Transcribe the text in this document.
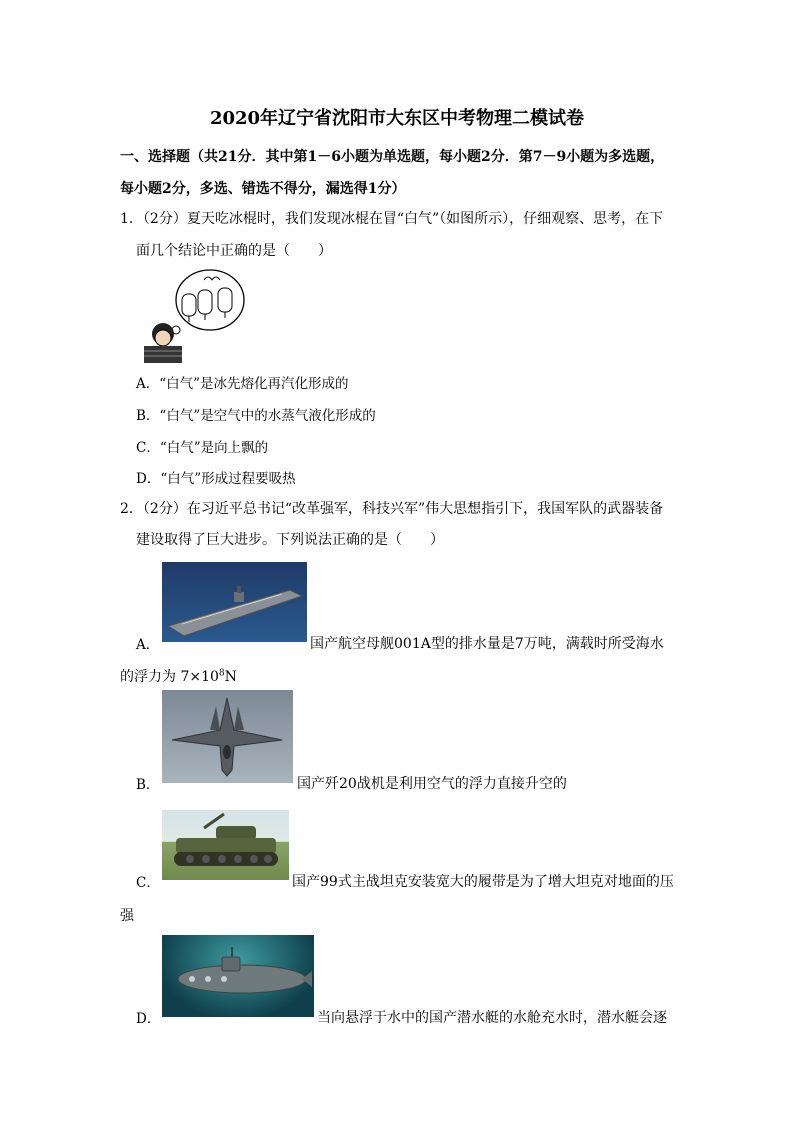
2020年辽宁省沈阳市大东区中考物理二模试卷
一、选择题（共21分．其中第1－6小题为单选题，每小题2分．第7－9小题为多选题，
每小题2分，多选、错选不得分，漏选得1分）
1．（2分）夏天吃冰棍时，我们发现冰棍在冒“白气”（如图所示），仔细观察、思考，在下
面几个结论中正确的是（　　）
A．“白气”是冰先熔化再汽化形成的
B．“白气”是空气中的水蒸气液化形成的
C．“白气”是向上飘的
D．“白气”形成过程要吸热
2．（2分）在习近平总书记“改革强军，科技兴军”伟大思想指引下，我国军队的武器装备
建设取得了巨大进步。下列说法正确的是（　　）
A．	国产航空母舰001A型的排水量是7万吨，满载时所受海水
的浮力为 $7\times 10^8N$
B．	国产歼20战机是利用空气的浮力直接升空的
C．	国产99式主战坦克安装宽大的履带是为了增大坦克对地面的压
强
D．	当向悬浮于水中的国产潜水艇的水舱充水时，潜水艇会逐
